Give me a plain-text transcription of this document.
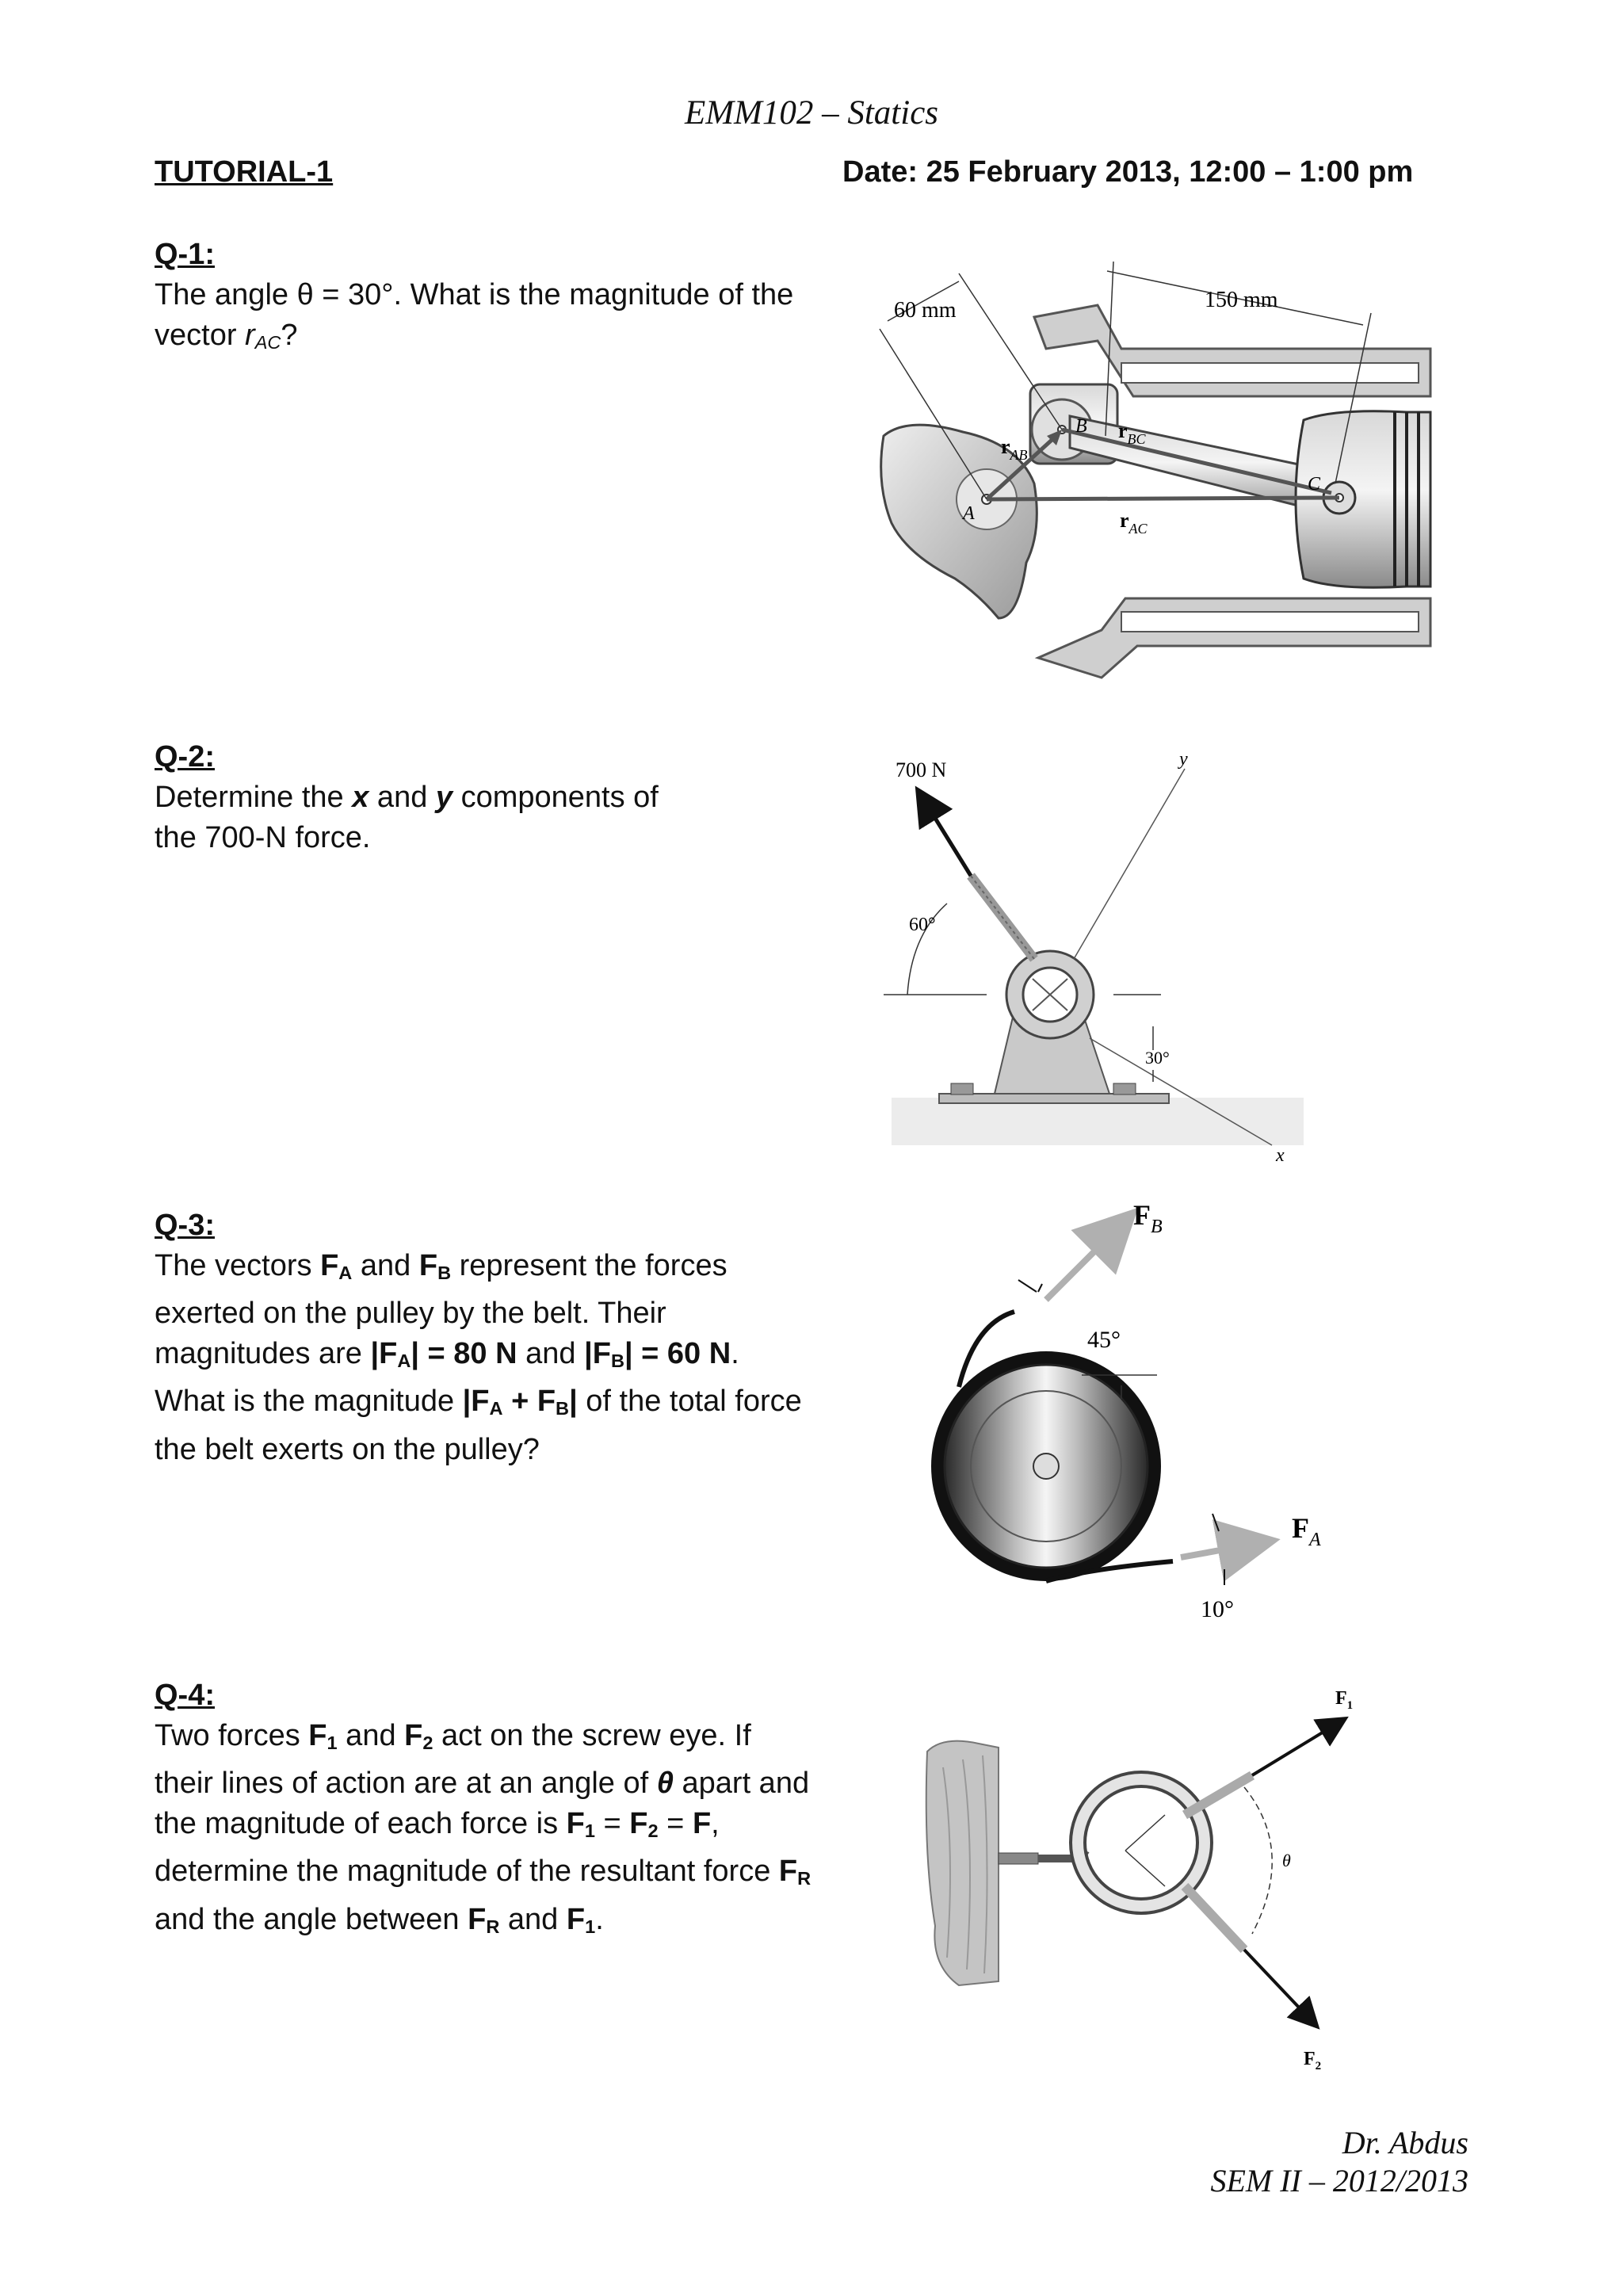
EMM102 – Statics
TUTORIAL-1	Date: 25 February 2013, 12:00 – 1:00 pm
Q-1:
The angle θ = 30°. What is the magnitude of the vector $r_{AC}$?
60 mm	150 mm
A
B
C
$r_{AB}$
$r_{BC}$
$r_{AC}$
Q-2:
Determine the x and y components of
the 700-N force.
700 N
60°
y
x
30°
Q-3:
The vectors $F_A$ and $F_B$ represent the forces exerted on the pulley by the belt. Their magnitudes are $|F_A| = 80$ N and $|F_B| = 60$ N. What is the magnitude $|F_A + F_B|$ of the total force the belt exerts on the pulley?
$F_B$
45°
$F_A$
10°
Q-4:
Two forces $F_1$ and $F_2$ act on the screw eye. If their lines of action are at an angle of θ apart and the magnitude of each force is $F_1 = F_2 = F$, determine the magnitude of the resultant force $F_R$ and the angle between $F_R$ and $F_1$.
$F_1$
$F_2$
θ
Dr. Abdus
SEM II – 2012/2013
